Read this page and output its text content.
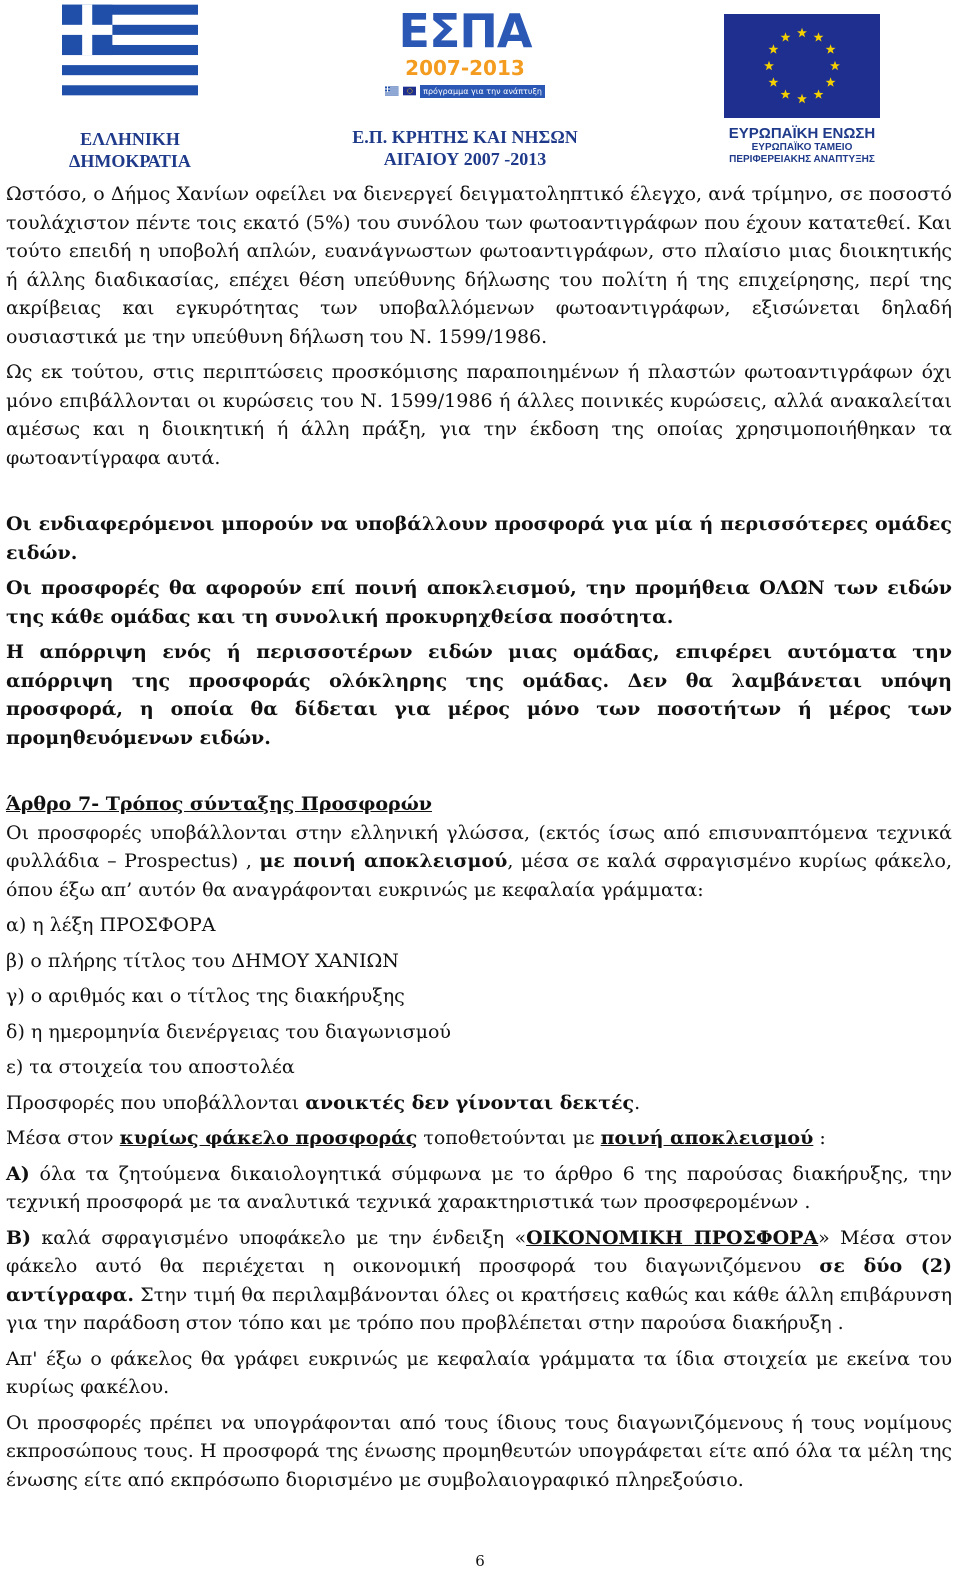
ΕΛΛΗΝΙΚΗ
ΔΗΜΟΚΡΑΤΙΑ
ΕΣΠΑ
2007-2013
πρόγραμμα για την ανάπτυξη
Ε.Π. ΚΡΗΤΗΣ ΚΑΙ ΝΗΣΩΝ
ΑΙΓΑΙΟΥ 2007 -2013
ΕΥΡΩΠΑΪΚΗ ΕΝΩΣΗ
ΕΥΡΩΠΑΪΚΟ ΤΑΜΕΙΟ
ΠΕΡΙΦΕΡΕΙΑΚΗΣ ΑΝΑΠΤΥΞΗΣ

Ωστόσο, ο Δήμος Χανίων οφείλει να διενεργεί δειγματοληπτικό έλεγχο, ανά τρίμηνο, σε ποσοστό τουλάχιστον πέντε τοις εκατό (5%) του συνόλου των φωτοαντιγράφων που έχουν κατατεθεί. Και τούτο επειδή η υποβολή απλών, ευανάγνωστων φωτοαντιγράφων, στο πλαίσιο μιας διοικητικής ή άλλης διαδικασίας, επέχει θέση υπεύθυνης δήλωσης του πολίτη ή της επιχείρησης, περί της ακρίβειας και εγκυρότητας των υποβαλλόμενων φωτοαντιγράφων, εξισώνεται δηλαδή ουσιαστικά με την υπεύθυνη δήλωση του Ν. 1599/1986.

Ως εκ τούτου, στις περιπτώσεις προσκόμισης παραποιημένων ή πλαστών φωτοαντιγράφων όχι μόνο επιβάλλονται οι κυρώσεις του Ν. 1599/1986 ή άλλες ποινικές κυρώσεις, αλλά ανακαλείται αμέσως και η διοικητική ή άλλη πράξη, για την έκδοση της οποίας χρησιμοποιήθηκαν τα φωτοαντίγραφα αυτά.

Οι ενδιαφερόμενοι μπορούν να υποβάλλουν προσφορά για μία ή περισσότερες ομάδες ειδών.

Οι προσφορές θα αφορούν επί ποινή αποκλεισμού, την προμήθεια ΟΛΩΝ των ειδών της κάθε ομάδας και τη συνολική προκυρηχθείσα ποσότητα.

Η απόρριψη ενός ή περισσοτέρων ειδών μιας ομάδας, επιφέρει αυτόματα την απόρριψη της προσφοράς ολόκληρης της ομάδας. Δεν θα λαμβάνεται υπόψη προσφορά, η οποία θα δίδεται για μέρος μόνο των ποσοτήτων ή μέρος των προμηθευόμενων ειδών.

Άρθρο 7- Τρόπος σύνταξης Προσφορών

Οι προσφορές υποβάλλονται στην ελληνική γλώσσα, (εκτός ίσως από επισυναπτόμενα τεχνικά φυλλάδια – Prospectus) , με ποινή αποκλεισμού, μέσα σε καλά σφραγισμένο κυρίως φάκελο, όπου έξω απ’ αυτόν θα αναγράφονται ευκρινώς με κεφαλαία γράμματα:

α) η λέξη ΠΡΟΣΦΟΡΑ

β) ο πλήρης τίτλος του ΔΗΜΟΥ ΧΑΝΙΩΝ

γ) ο αριθμός και ο τίτλος της διακήρυξης

δ) η ημερομηνία διενέργειας του διαγωνισμού

ε) τα στοιχεία του αποστολέα

Προσφορές που υποβάλλονται ανοικτές δεν γίνονται δεκτές.

Μέσα στον κυρίως φάκελο προσφοράς τοποθετούνται με ποινή αποκλεισμού :

Α) όλα τα ζητούμενα δικαιολογητικά σύμφωνα με το άρθρο 6 της παρούσας διακήρυξης, την τεχνική προσφορά με τα αναλυτικά τεχνικά χαρακτηριστικά των προσφερομένων .

Β) καλά σφραγισμένο υποφάκελο με την ένδειξη «ΟΙΚΟΝΟΜΙΚΗ ΠΡΟΣΦΟΡΑ» Μέσα στον φάκελο αυτό θα περιέχεται η οικονομική προσφορά του διαγωνιζόμενου σε δύο (2) αντίγραφα. Στην τιμή θα περιλαμβάνονται όλες οι κρατήσεις καθώς και κάθε άλλη επιβάρυνση για την παράδοση στον τόπο και με τρόπο που προβλέπεται στην παρούσα διακήρυξη .

Απ' έξω ο φάκελος θα γράφει ευκρινώς με κεφαλαία γράμματα τα ίδια στοιχεία με εκείνα του κυρίως φακέλου.

Οι προσφορές πρέπει να υπογράφονται από τους ίδιους τους διαγωνιζόμενους ή τους νομίμους εκπροσώπους τους. Η προσφορά της ένωσης προμηθευτών υπογράφεται είτε από όλα τα μέλη της ένωσης είτε από εκπρόσωπο διορισμένο με συμβολαιογραφικό πληρεξούσιο.

6
